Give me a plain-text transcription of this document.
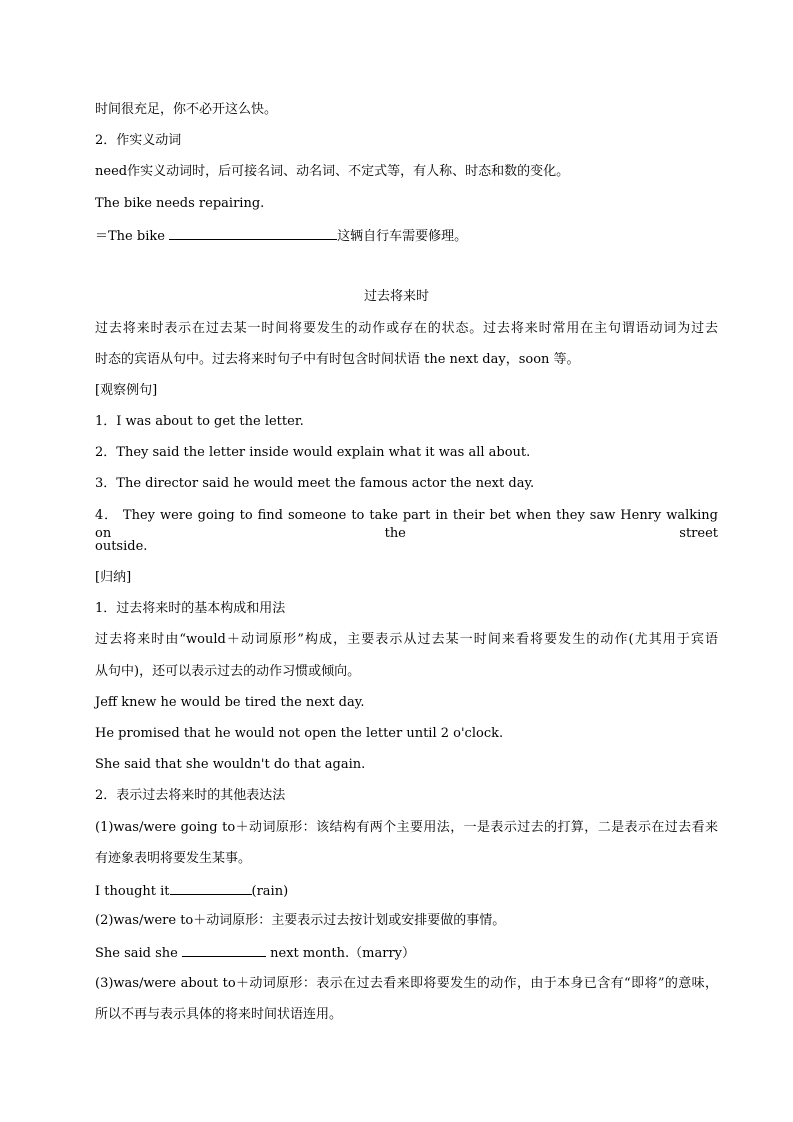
时间很充足，你不必开这么快。
2．作实义动词
need作实义动词时，后可接名词、动名词、不定式等，有人称、时态和数的变化。
The bike needs repairing.
＝The bike	这辆自行车需要修理。
过去将来时
过去将来时表示在过去某一时间将要发生的动作或存在的状态。过去将来时常用在主句谓语动词为过去
时态的宾语从句中。过去将来时句子中有时包含时间状语 the next day，soon 等。
[观察例句]
1．I was about to get the letter.
2．They said the letter inside would explain what it was all about.
3．The director said he would meet the famous actor the next day.
4． They were going to find someone to take part in their bet when they saw Henry walking on the street
outside.
[归纳]
1．过去将来时的基本构成和用法
过去将来时由“would＋动词原形”构成，主要表示从过去某一时间来看将要发生的动作(尤其用于宾语
从句中)，还可以表示过去的动作习惯或倾向。
Jeff knew he would be tired the next day.
He promised that he would not open the letter until 2 o'clock.
She said that she wouldn't do that again.
2．表示过去将来时的其他表达法
(1)was/were going to＋动词原形：该结构有两个主要用法，一是表示过去的打算，二是表示在过去看来
有迹象表明将要发生某事。
I thought it	(rain)
(2)was/were to＋动词原形：主要表示过去按计划或安排要做的事情。
She said she	next month.（marry）
(3)was/were about to＋动词原形：表示在过去看来即将要发生的动作，由于本身已含有“即将”的意味，
所以不再与表示具体的将来时间状语连用。
